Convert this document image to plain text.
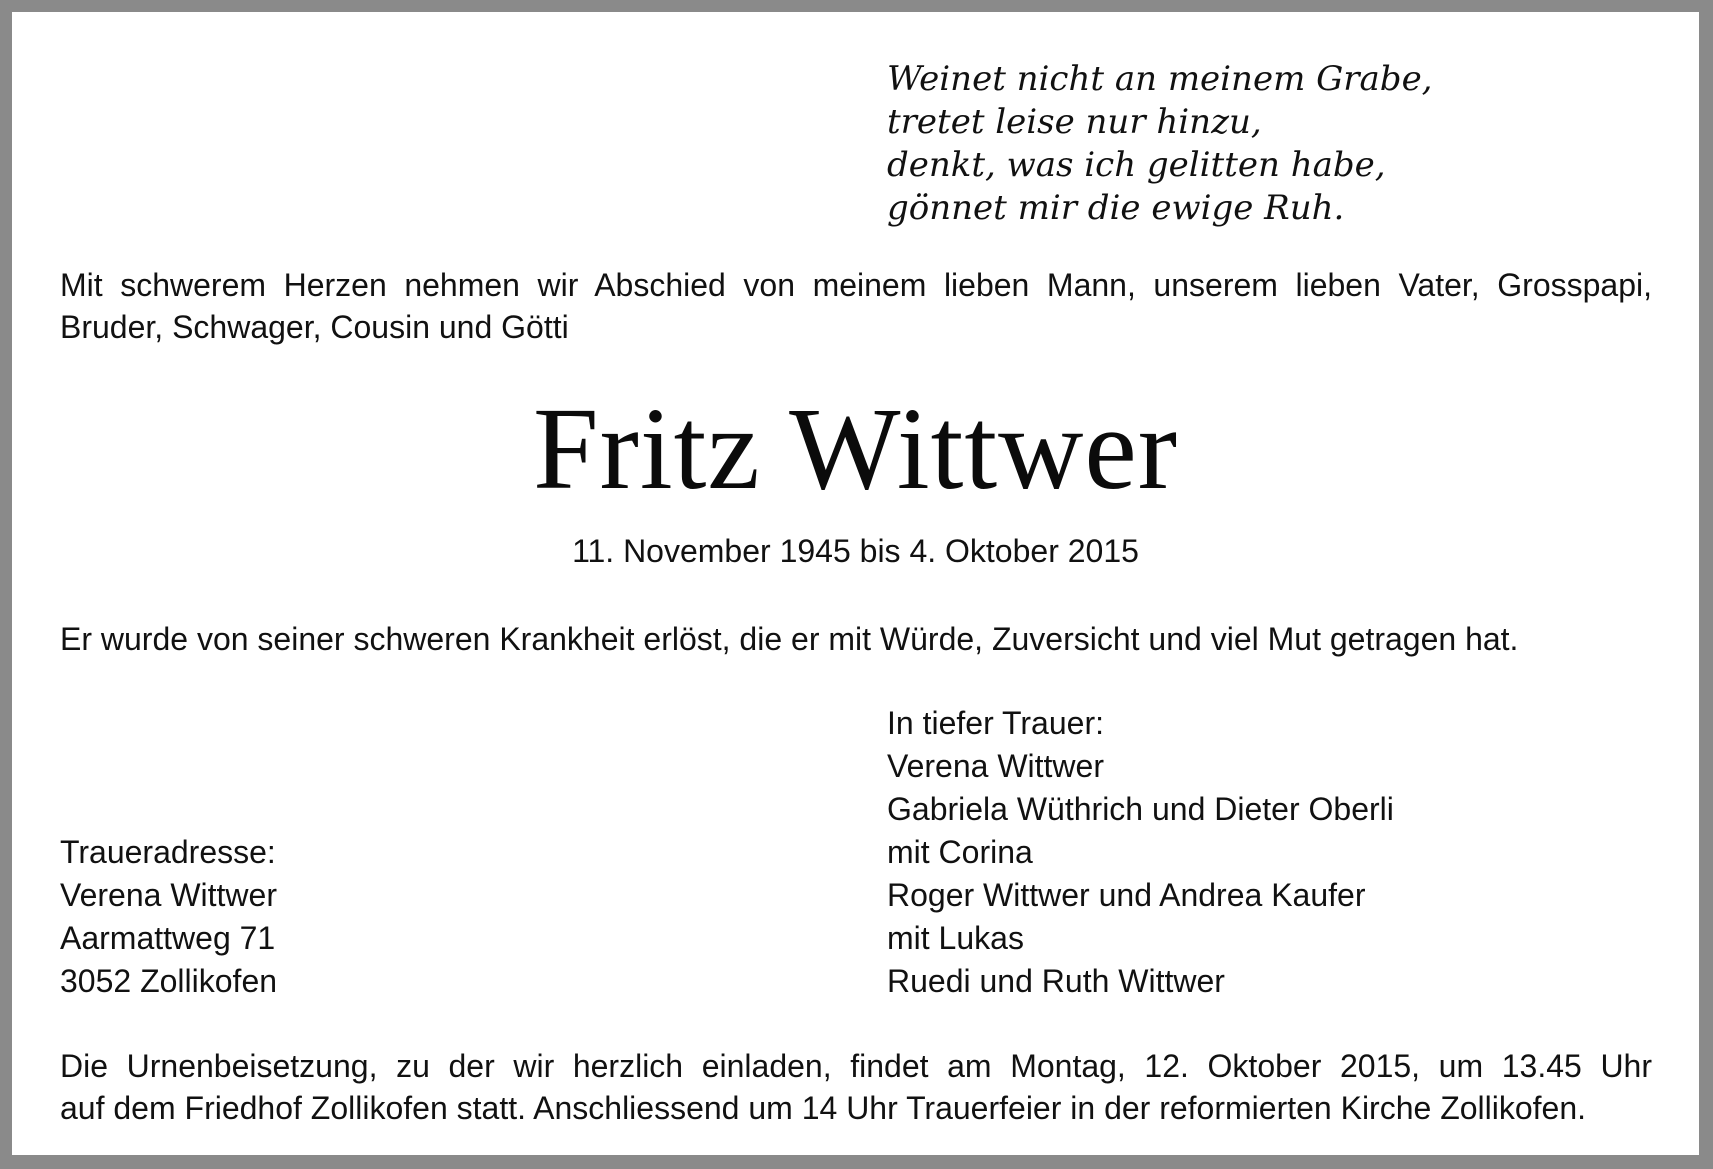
Weinet nicht an meinem Grabe,
tretet leise nur hinzu,
denkt, was ich gelitten habe,
gönnet mir die ewige Ruh.
Mit schwerem Herzen nehmen wir Abschied von meinem lieben Mann, unserem lieben Vater, Grosspapi,
Bruder, Schwager, Cousin und Götti
Fritz Wittwer
11. November 1945 bis 4. Oktober 2015
Er wurde von seiner schweren Krankheit erlöst, die er mit Würde, Zuversicht und viel Mut getragen hat.
In tiefer Trauer:
Verena Wittwer
Gabriela Wüthrich und Dieter Oberli
mit Corina
Roger Wittwer und Andrea Kaufer
mit Lukas
Ruedi und Ruth Wittwer
Traueradresse:
Verena Wittwer
Aarmattweg 71
3052 Zollikofen
Die Urnenbeisetzung, zu der wir herzlich einladen, findet am Montag, 12. Oktober 2015, um 13.45 Uhr
auf dem Friedhof Zollikofen statt. Anschliessend um 14 Uhr Trauerfeier in der reformierten Kirche Zollikofen.
